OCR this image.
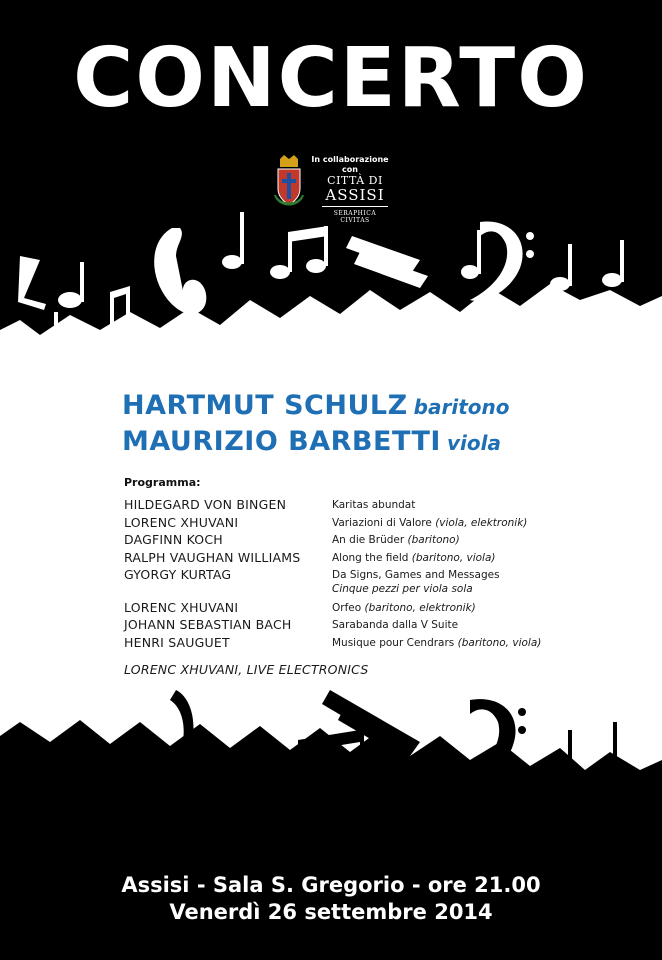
CONCERTO
In collaborazione
con
CITTÀ DI
ASSISI
SERAPHICA CIVITAS
HARTMUT SCHULZ baritono
MAURIZIO BARBETTI viola
Programma:
HILDEGARD VON BINGEN	Karitas abundat
LORENC XHUVANI	Variazioni di Valore (viola, elektronik)
DAGFINN KOCH	An die Brüder (baritono)
RALPH VAUGHAN WILLIAMS	Along the field (baritono, viola)
GYORGY KURTAG	Da Signs, Games and Messages
Cinque pezzi per viola sola
LORENC XHUVANI	Orfeo (baritono, elektronik)
JOHANN SEBASTIAN BACH	Sarabanda dalla V Suite
HENRI SAUGUET	Musique pour Cendrars (baritono, viola)
LORENC XHUVANI, LIVE ELECTRONICS
Assisi - Sala S. Gregorio - ore 21.00
Venerdì 26 settembre 2014
